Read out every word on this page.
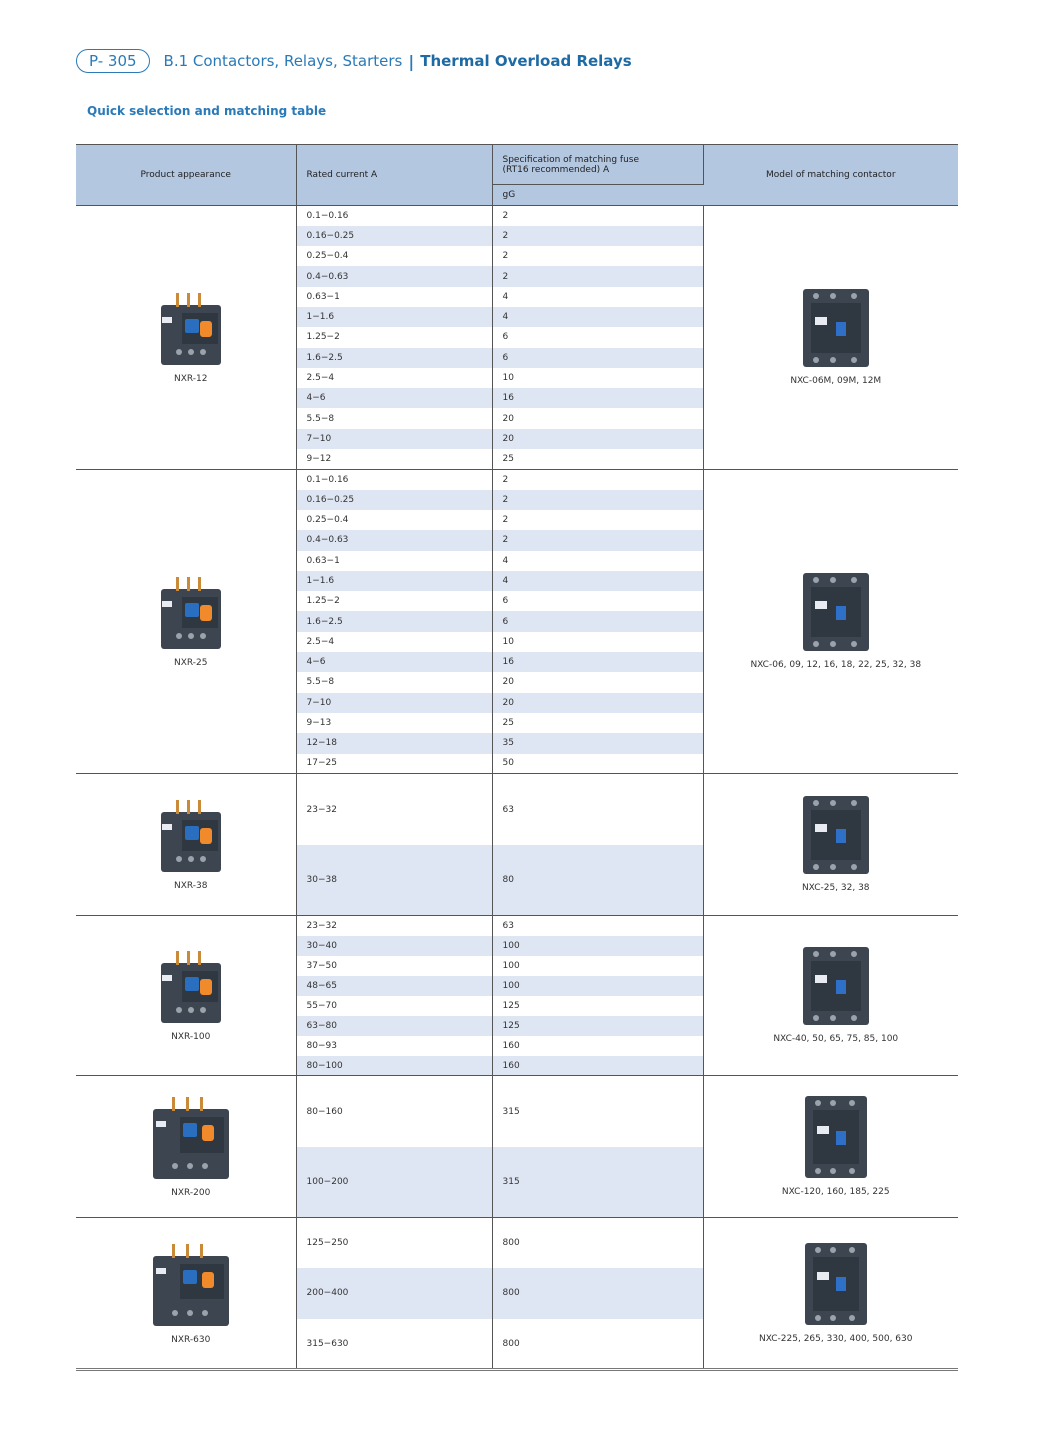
P- 305	B.1 Contactors, Relays, Starters | Thermal Overload Relays
Quick selection and matching table
Product appearance	Rated current A	Specification of matching fuse
(RT16 recommended) A	Model of matching contactor
		gG	

NXR-12	0.1−0.16	2	NXC-06M, 09M, 12M

	0.16−0.25	2	
	0.25−0.4	2	
	0.4−0.63	2	
	0.63−1	4	
	1−1.6	4	
	1.25−2	6	
	1.6−2.5	6	
	2.5−4	10	
	4−6	16	
	5.5−8	20	
	7−10	20	
	9−12	25	

NXR-25	0.1−0.16	2	NXC-06, 09, 12, 16, 18, 22, 25, 32, 38

	0.16−0.25	2	
	0.25−0.4	2	
	0.4−0.63	2	
	0.63−1	4	
	1−1.6	4	
	1.25−2	6	
	1.6−2.5	6	
	2.5−4	10	
	4−6	16	
	5.5−8	20	
	7−10	20	
	9−13	25	
	12−18	35	
	17−25	50	

NXR-38	23−32	63	NXC-25, 32, 38

	30−38	80	

NXR-100	23−32	63	NXC-40, 50, 65, 75, 85, 100

	30−40	100	
	37−50	100	
	48−65	100	
	55−70	125	
	63−80	125	
	80−93	160	
	80−100	160	

NXR-200	80−160	315	NXC-120, 160, 185, 225

	100−200	315	

NXR-630	125−250	800	NXC-225, 265, 330, 400, 500, 630

	200−400	800	
	315−630	800	
